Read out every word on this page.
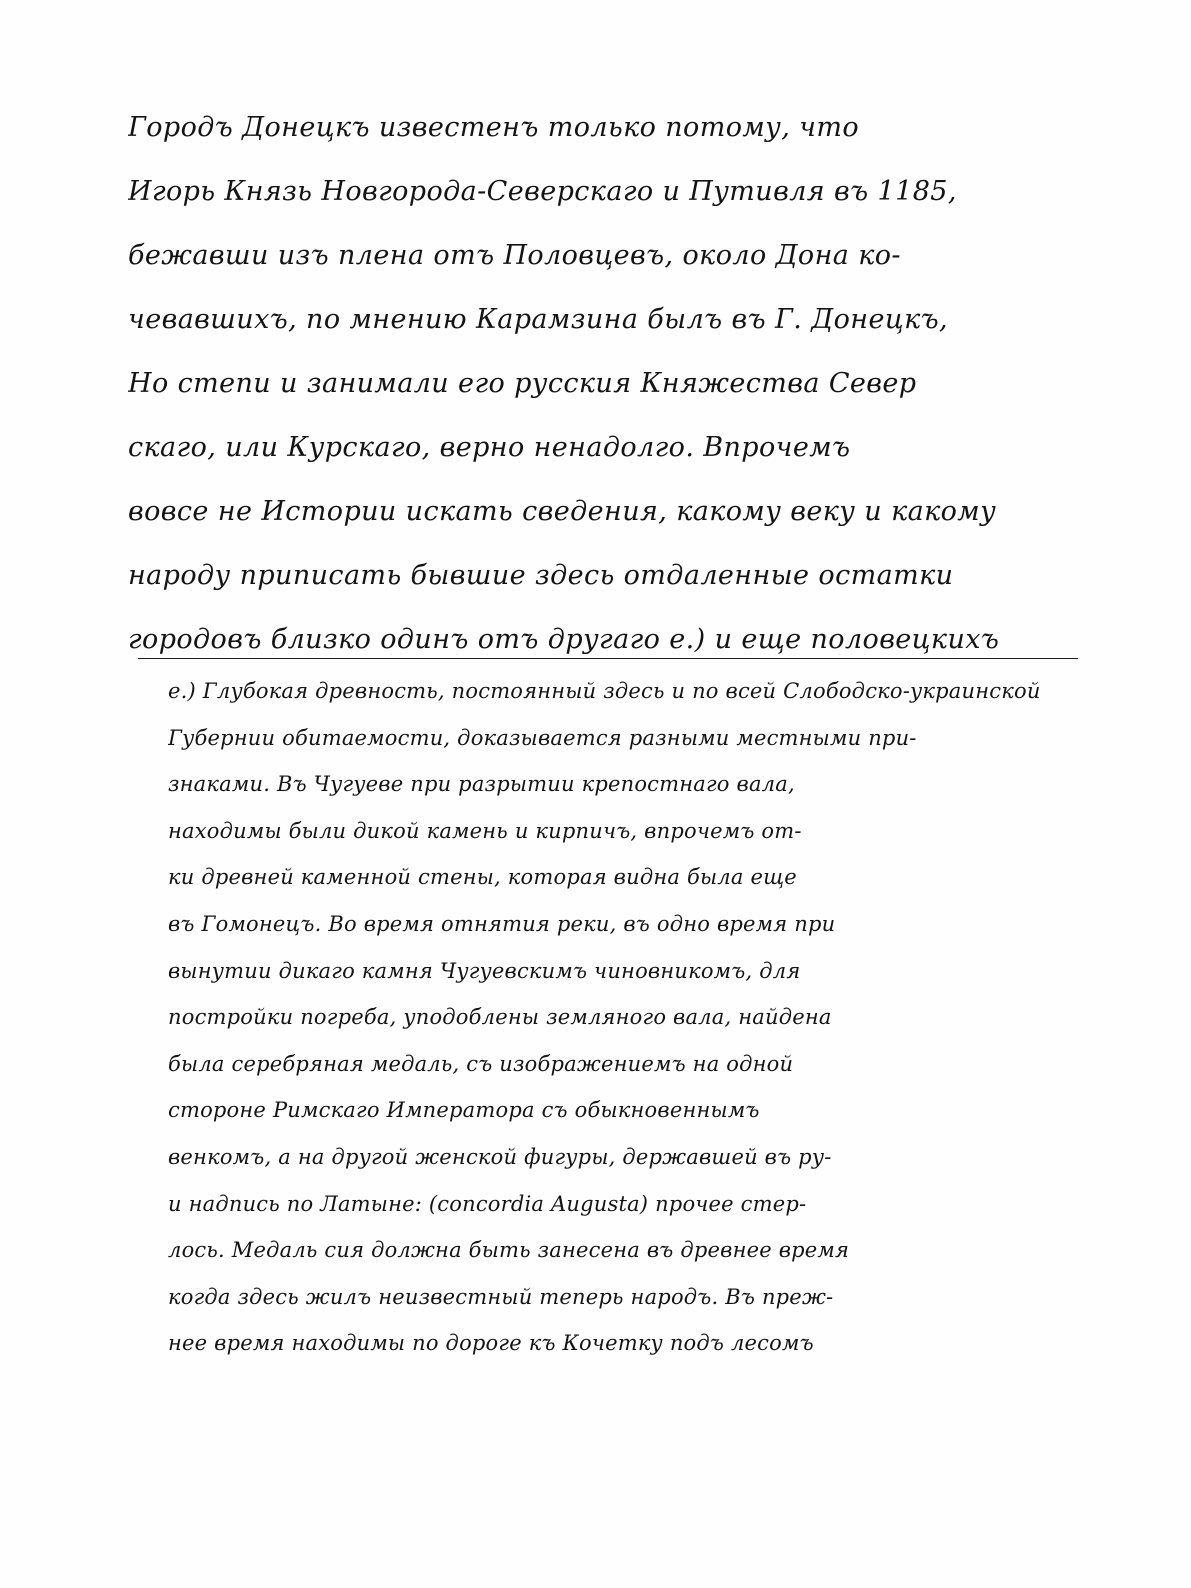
Городъ Донецкъ известенъ только потому, что
Игорь Князь Новгорода-Северскаго и Путивля въ 1185,
бежавши изъ плена отъ Половцевъ, около Дона ко-
чевавшихъ, по мнению Карамзина былъ въ Г. Донецкъ,
Но степи и занимали его русския Княжества Север
скаго, или Курскаго, верно ненадолго. Впрочемъ
вовсе не Истории искать сведения, какому веку и какому
народу приписать бывшие здесь отдаленные остатки
городовъ близко одинъ отъ другаго е.) и еще половецкихъ
е.) Глубокая древность, постоянный здесь и по всей Слободско-украинской
Губернии обитаемости, доказывается разными местными при-
знаками. Въ Чугуеве при разрытии крепостнаго вала,
находимы были дикой камень и кирпичъ, впрочемъ от-
ки древней каменной стены, которая видна была еще
въ Гомонецъ. Во время отнятия реки, въ одно время при
вынутии дикаго камня Чугуевскимъ чиновникомъ, для
постройки погреба, уподоблены земляного вала, найдена
была серебряная медаль, съ изображениемъ на одной
стороне Римскаго Императора съ обыкновеннымъ
венкомъ, а на другой женской фигуры, державшей въ ру-
и надпись по Латыне: (concordia Augusta) прочее стер-
лось. Медаль сия должна быть занесена въ древнее время
когда здесь жилъ неизвестный теперь народъ. Въ преж-
нее время находимы по дороге къ Кочетку подъ лесомъ
